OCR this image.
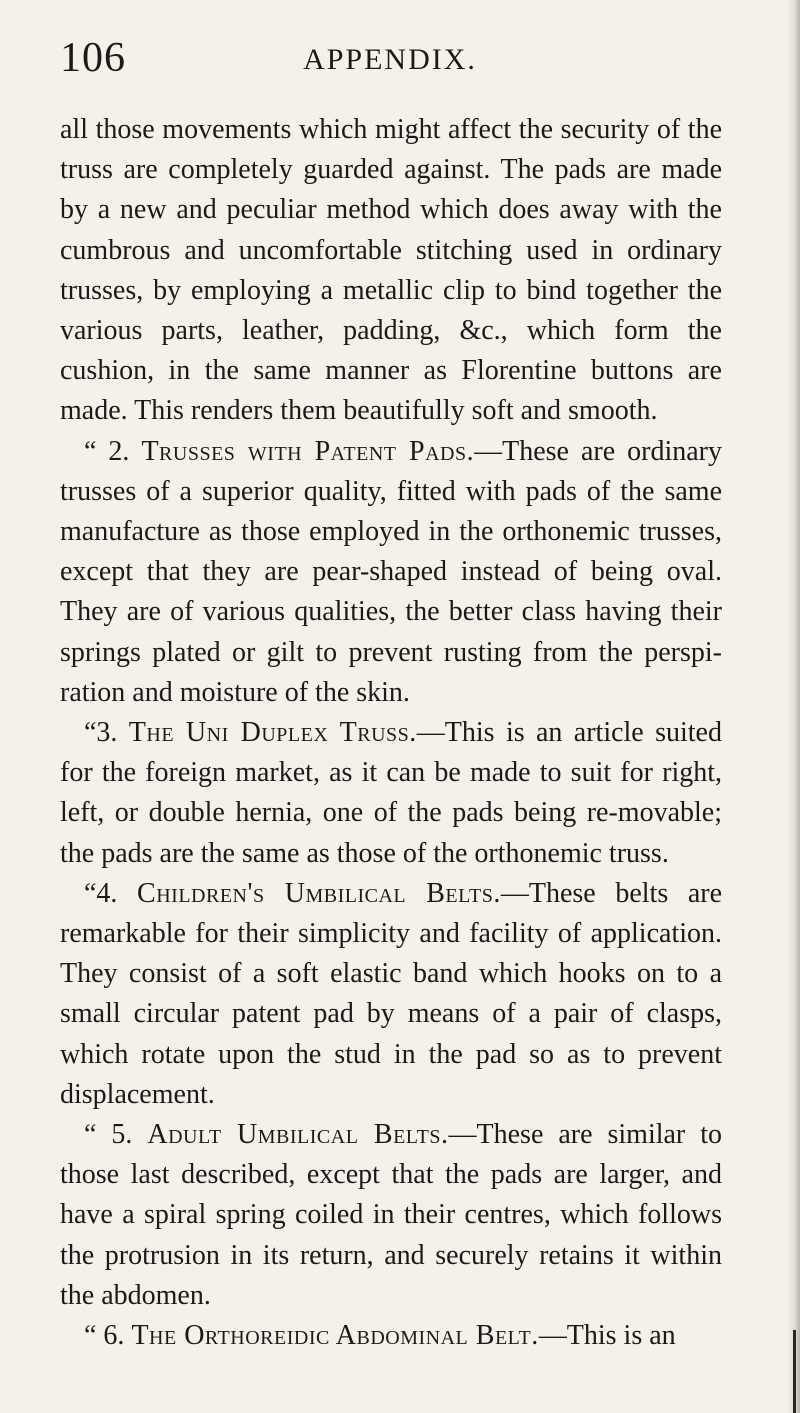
106	APPENDIX.

all those movements which might affect the security of the truss are completely guarded against. The pads are made by a new and peculiar method which does away with the cumbrous and uncomfortable stitching used in ordinary trusses, by employing a metallic clip to bind together the various parts, leather, padding, &c., which form the cushion, in the same manner as Florentine buttons are made. This renders them beautifully soft and smooth.

“ 2. Trusses with Patent Pads.—These are ordinary trusses of a superior quality, fitted with pads of the same manufacture as those employed in the orthonemic trusses, except that they are pear-shaped instead of being oval. They are of various qualities, the better class having their springs plated or gilt to prevent rusting from the perspi-ration and moisture of the skin.

“3. The Uni Duplex Truss.—This is an article suited for the foreign market, as it can be made to suit for right, left, or double hernia, one of the pads being re-movable; the pads are the same as those of the orthonemic truss.

“4. Children's Umbilical Belts.—These belts are remarkable for their simplicity and facility of application. They consist of a soft elastic band which hooks on to a small circular patent pad by means of a pair of clasps, which rotate upon the stud in the pad so as to prevent displacement.

“ 5. Adult Umbilical Belts.—These are similar to those last described, except that the pads are larger, and have a spiral spring coiled in their centres, which follows the protrusion in its return, and securely retains it within the abdomen.

“ 6. The Orthoreidic Abdominal Belt.—This is an
